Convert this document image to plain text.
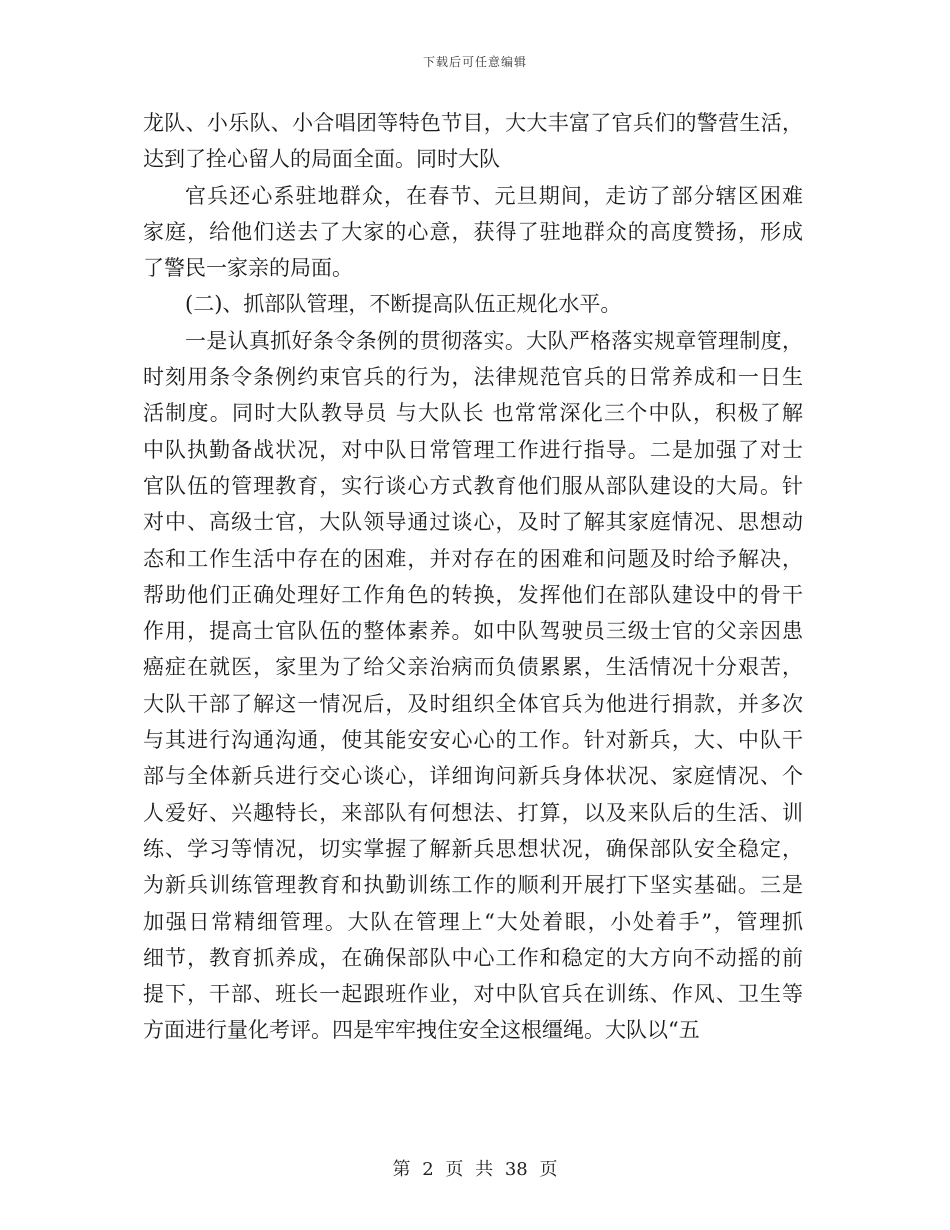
下载后可任意编辑
龙队、小乐队、小合唱团等特色节目，大大丰富了官兵们的警营生活，
达到了拴心留人的局面全面。同时大队
官兵还心系驻地群众，在春节、元旦期间，走访了部分辖区困难
家庭，给他们送去了大家的心意，获得了驻地群众的高度赞扬，形成
了警民一家亲的局面。
(二)、抓部队管理，不断提高队伍正规化水平。
一是认真抓好条令条例的贯彻落实。大队严格落实规章管理制度，
时刻用条令条例约束官兵的行为，法律规范官兵的日常养成和一日生
活制度。同时大队教导员 与大队长 也常常深化三个中队，积极了解
中队执勤备战状况，对中队日常管理工作进行指导。二是加强了对士
官队伍的管理教育，实行谈心方式教育他们服从部队建设的大局。针
对中、高级士官，大队领导通过谈心，及时了解其家庭情况、思想动
态和工作生活中存在的困难，并对存在的困难和问题及时给予解决，
帮助他们正确处理好工作角色的转换，发挥他们在部队建设中的骨干
作用，提高士官队伍的整体素养。如中队驾驶员三级士官的父亲因患
癌症在就医，家里为了给父亲治病而负债累累，生活情况十分艰苦，
大队干部了解这一情况后，及时组织全体官兵为他进行捐款，并多次
与其进行沟通沟通，使其能安安心心的工作。针对新兵，大、中队干
部与全体新兵进行交心谈心，详细询问新兵身体状况、家庭情况、个
人爱好、兴趣特长，来部队有何想法、打算，以及来队后的生活、训
练、学习等情况，切实掌握了解新兵思想状况，确保部队安全稳定，
为新兵训练管理教育和执勤训练工作的顺利开展打下坚实基础。三是
加强日常精细管理。大队在管理上“大处着眼，小处着手”，管理抓
细节，教育抓养成，在确保部队中心工作和稳定的大方向不动摇的前
提下，干部、班长一起跟班作业，对中队官兵在训练、作风、卫生等
方面进行量化考评。四是牢牢拽住安全这根缰绳。大队以“五
第 2 页 共 38 页
